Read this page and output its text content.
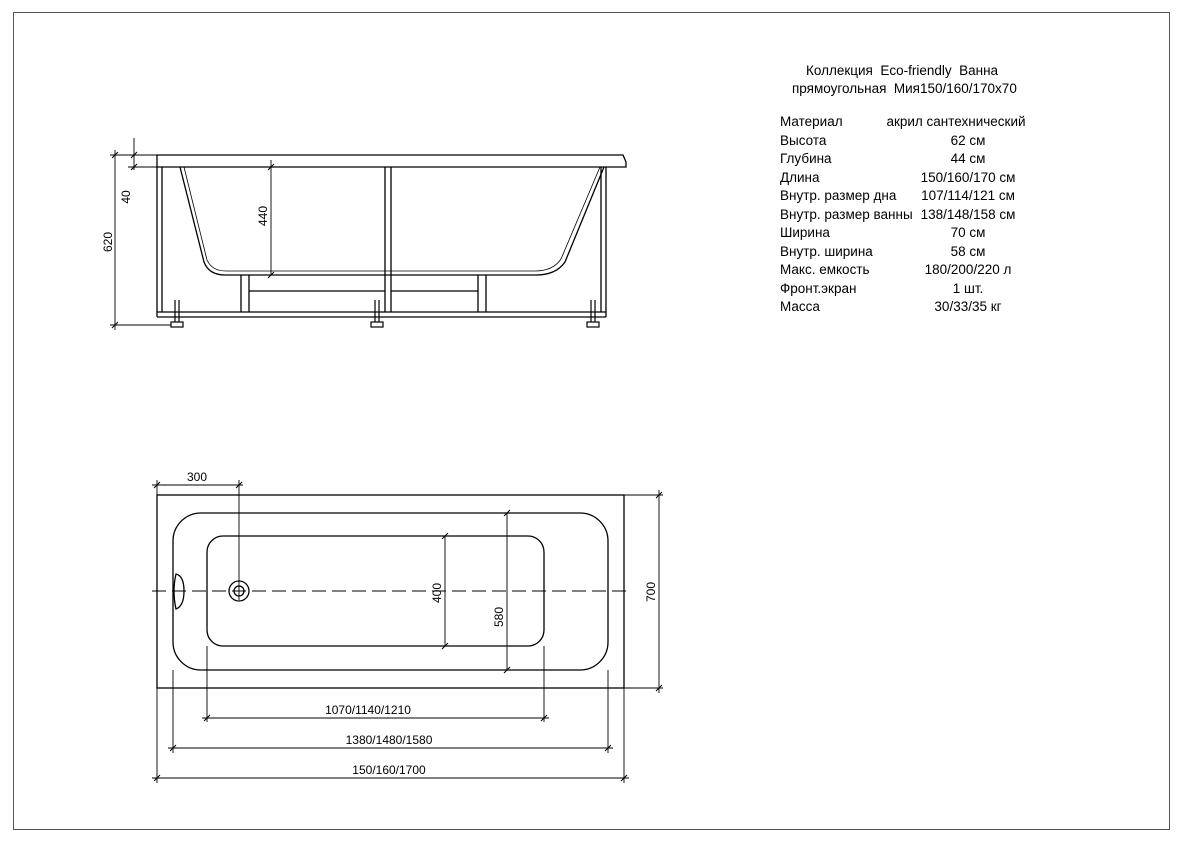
Коллекция  Eco-friendly  Ванна
прямоугольная  Мия150/160/170х70
Материал	акрил сантехнический
Высота	62 см
Глубина	44 см
Длина	150/160/170 см
Внутр. размер дна	107/114/121 см
Внутр. размер ванны 138/148/158 см
Ширина	70 см
Внутр. ширина	58 см
Макс. емкость	180/200/220 л
Фронт.экран	1 шт.
Масса	30/33/35 кг
40
620
440
300
400
580
700
1070/1140/1210
1380/1480/1580
150/160/1700
